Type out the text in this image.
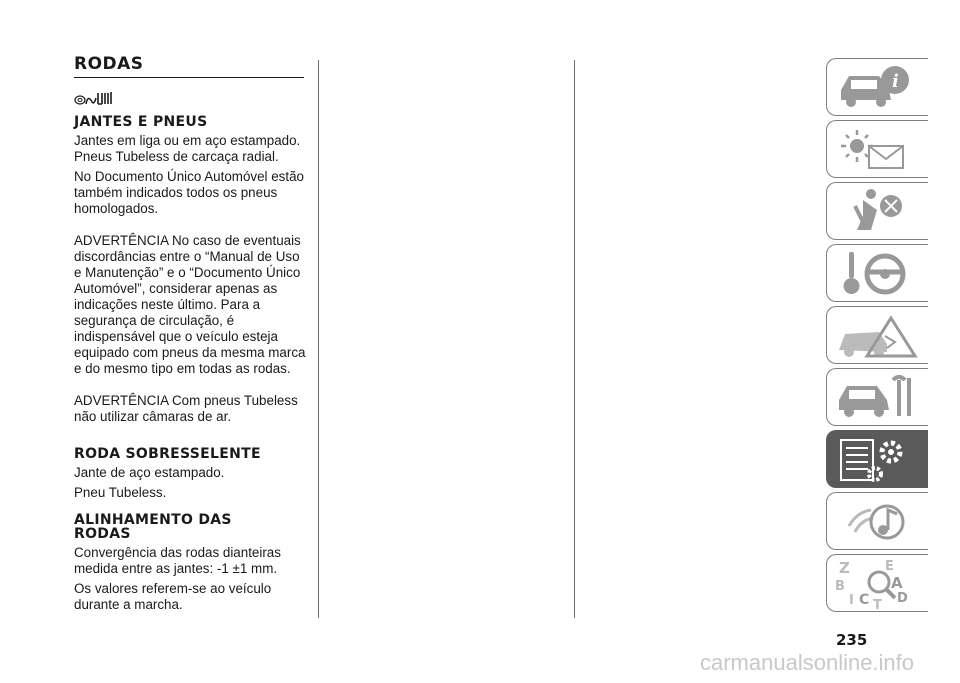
RODAS
JANTES E PNEUS
Jantes em liga ou em aço estampado. Pneus Tubeless de carcaça radial.
No Documento Único Automóvel estão também indicados todos os pneus homologados.
ADVERTÊNCIA No caso de eventuais discordâncias entre o “Manual de Uso e Manutenção” e o “Documento Único Automóvel”, considerar apenas as indicações neste último. Para a segurança de circulação, é indispensável que o veículo esteja equipado com pneus da mesma marca e do mesmo tipo em todas as rodas.
ADVERTÊNCIA Com pneus Tubeless não utilizar câmaras de ar.
RODA SOBRESSELENTE
Jante de aço estampado.
Pneu Tubeless.
ALINHAMENTO DAS
RODAS
Convergência das rodas dianteiras medida entre as jantes: -1 ±1 mm.
Os valores referem-se ao veículo durante a marcha.
i
Z	E
B	A
I C T D
235
carmanualsonline.info
